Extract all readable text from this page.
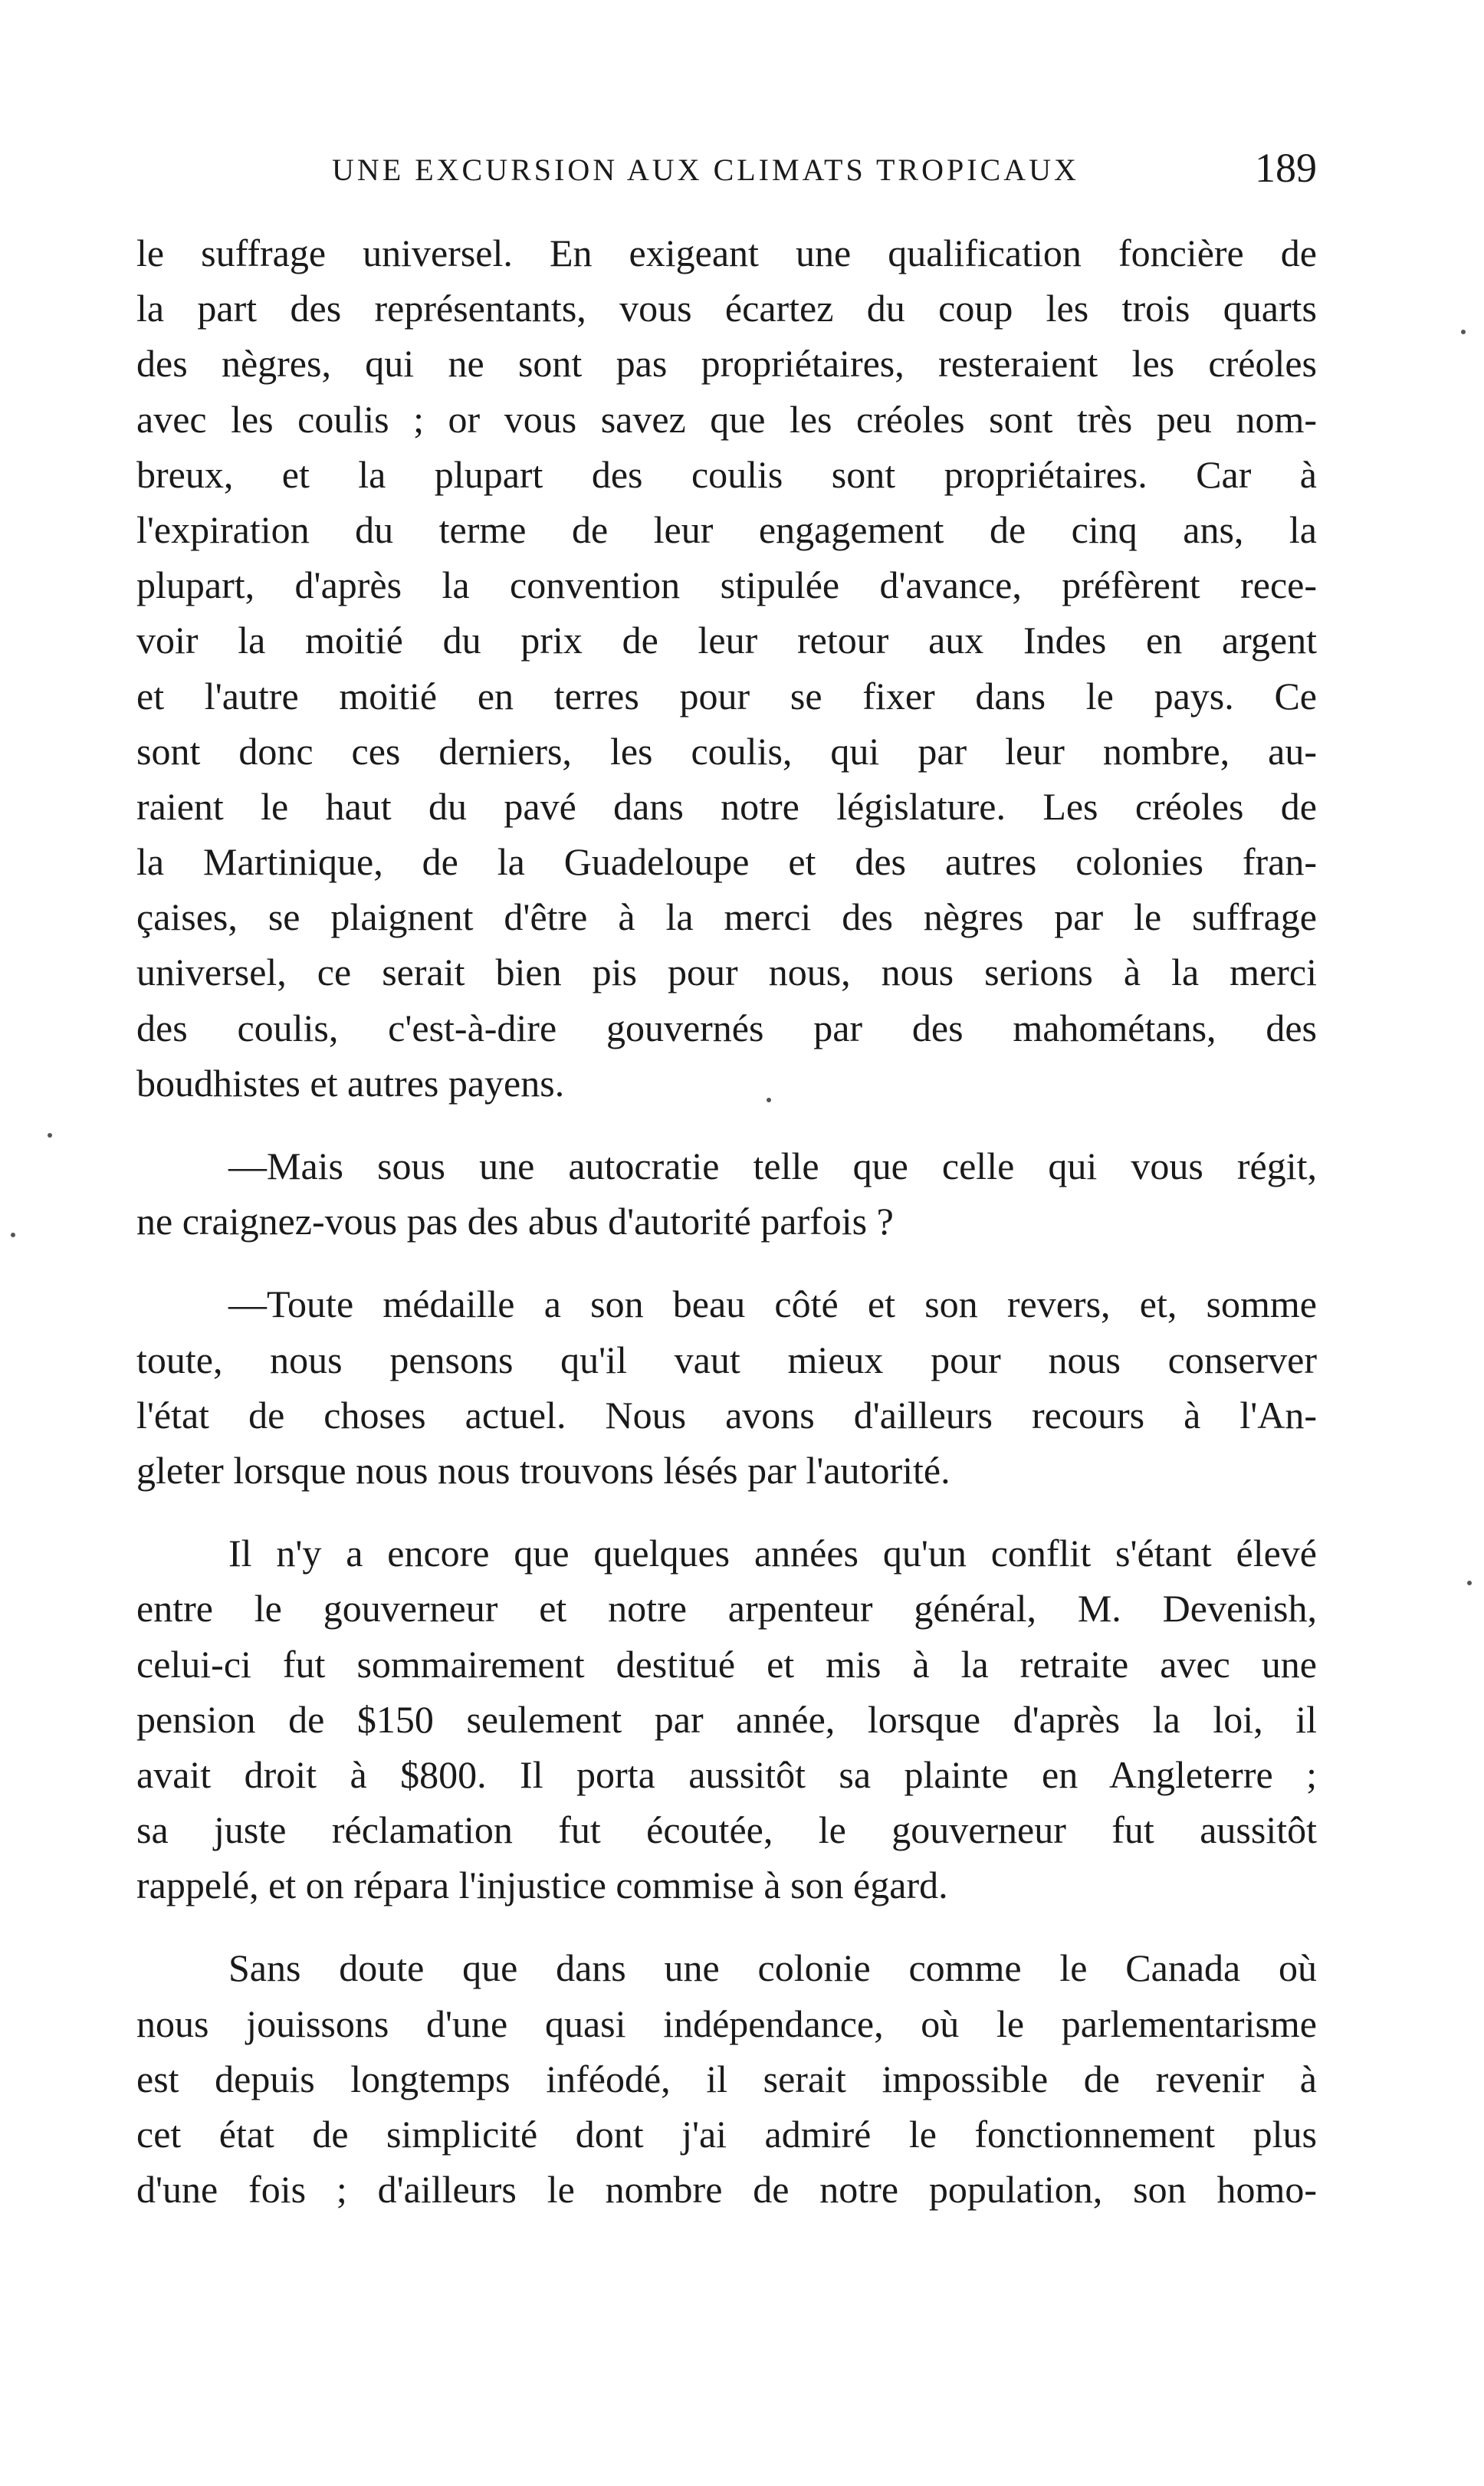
UNE EXCURSION AUX CLIMATS TROPICAUX	189
le suffrage universel. En exigeant une qualification foncière de
la part des représentants, vous écartez du coup les trois quarts
des nègres, qui ne sont pas propriétaires, resteraient les créoles
avec les coulis ; or vous savez que les créoles sont très peu nom-
breux, et la plupart des coulis sont propriétaires. Car à
l'expiration du terme de leur engagement de cinq ans, la
plupart, d'après la convention stipulée d'avance, préfèrent rece-
voir la moitié du prix de leur retour aux Indes en argent
et l'autre moitié en terres pour se fixer dans le pays. Ce
sont donc ces derniers, les coulis, qui par leur nombre, au-
raient le haut du pavé dans notre législature. Les créoles de
la Martinique, de la Guadeloupe et des autres colonies fran-
çaises, se plaignent d'être à la merci des nègres par le suffrage
universel, ce serait bien pis pour nous, nous serions à la merci
des coulis, c'est-à-dire gouvernés par des mahométans, des
boudhistes et autres payens.
—Mais sous une autocratie telle que celle qui vous régit,
ne craignez-vous pas des abus d'autorité parfois ?
—Toute médaille a son beau côté et son revers, et, somme
toute, nous pensons qu'il vaut mieux pour nous conserver
l'état de choses actuel. Nous avons d'ailleurs recours à l'An-
gleter lorsque nous nous trouvons lésés par l'autorité.
Il n'y a encore que quelques années qu'un conflit s'étant élevé
entre le gouverneur et notre arpenteur général, M. Devenish,
celui-ci fut sommairement destitué et mis à la retraite avec une
pension de $150 seulement par année, lorsque d'après la loi, il
avait droit à $800. Il porta aussitôt sa plainte en Angleterre ;
sa juste réclamation fut écoutée, le gouverneur fut aussitôt
rappelé, et on répara l'injustice commise à son égard.
Sans doute que dans une colonie comme le Canada où
nous jouissons d'une quasi indépendance, où le parlementarisme
est depuis longtemps inféodé, il serait impossible de revenir à
cet état de simplicité dont j'ai admiré le fonctionnement plus
d'une fois ; d'ailleurs le nombre de notre population, son homo-
